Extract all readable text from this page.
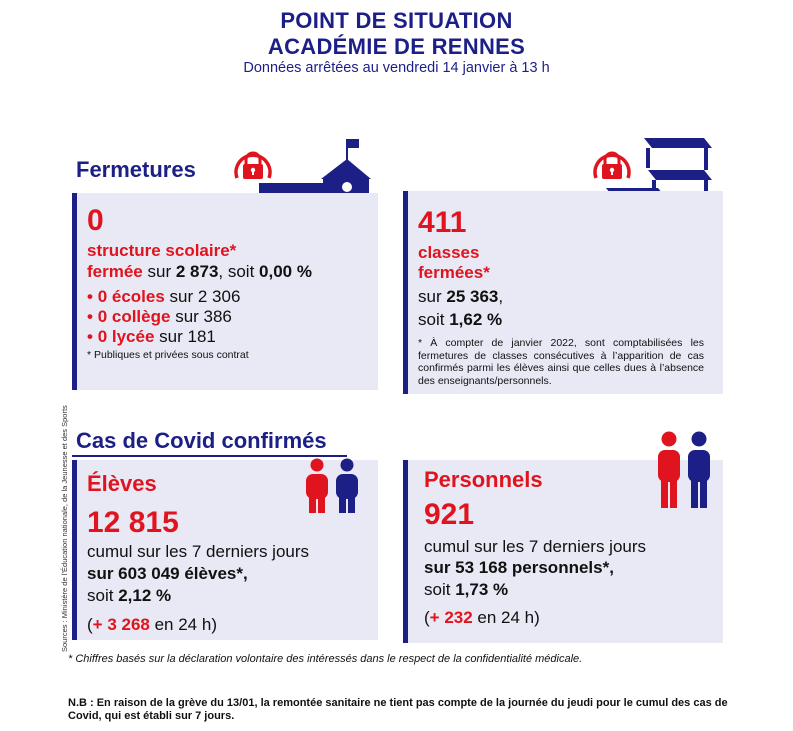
POINT DE SITUATION
ACADÉMIE DE RENNES
Données arrêtées au vendredi 14 janvier à 13 h
Fermetures
0
structure scolaire*
fermée sur 2 873, soit 0,00 %
• 0 écoles sur 2 306
• 0 collège sur 386
• 0 lycée sur 181
* Publiques et privées sous contrat
411
classes
fermées*
sur 25 363,
soit 1,62 %
* À compter de janvier 2022, sont comptabilisées les fermetures de classes consécutives à l’apparition de cas confirmés parmi les élèves ainsi que celles dues à l’absence des enseignants/personnels.
Sources : Ministère de l’Éducation nationale, de la Jeunesse et des Sports Cas de Covid confirmés
Élèves
12 815
cumul sur les 7 derniers jours
sur 603 049 élèves*,
soit 2,12 %
(+ 3 268 en 24 h)
Personnels
921
cumul sur les 7 derniers jours
sur 53 168 personnels*,
soit 1,73 %
(+ 232 en 24 h)
* Chiffres basés sur la déclaration volontaire des intéressés dans le respect de la confidentialité médicale.
N.B : En raison de la grève du 13/01, la remontée sanitaire ne tient pas compte de la journée du jeudi pour le cumul des cas de Covid, qui est établi sur 7 jours.
